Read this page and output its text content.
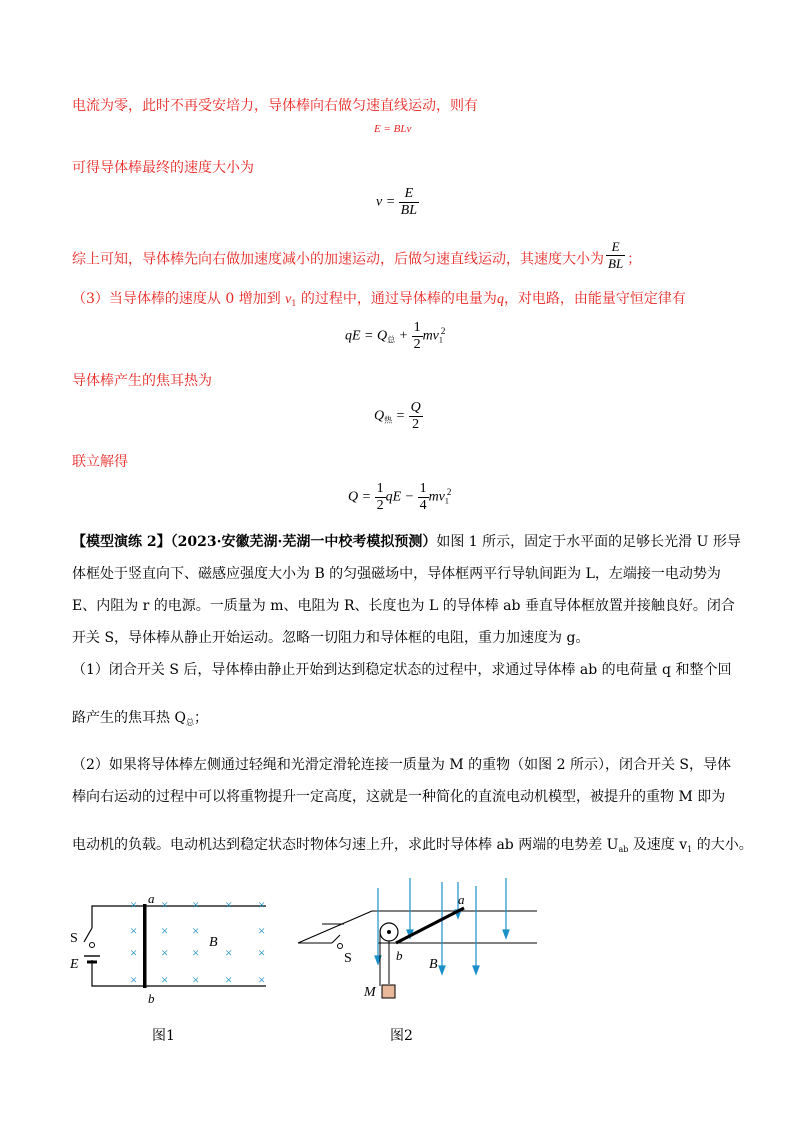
电流为零，此时不再受安培力，导体棒向右做匀速直线运动，则有
E = BLv
可得导体棒最终的速度大小为
$v = \frac{E}{BL}$
综上可知，导体棒先向右做加速度减小的加速运动，后做匀速直线运动，其速度大小为 $\frac{E}{BL}$ ；
（3）当导体棒的速度从 0 增加到 $v_1$ 的过程中，通过导体棒的电量为q，对电路，由能量守恒定律有
qE = $Q_总 + \frac{1}{2} mv_1^2$
导体棒产生的焦耳热为
$Q_热 = \frac{Q}{2}$
联立解得
$Q = \frac{1}{2}$ qE − $\frac{1}{4} mv_1^2$
【模型演练 2】（2023·安徽芜湖·芜湖一中校考模拟预测）如图 1 所示，固定于水平面的足够长光滑 U 形导
体框处于竖直向下、磁感应强度大小为 B 的匀强磁场中，导体框两平行导轨间距为 L，左端接一电动势为
E、内阻为 r 的电源。一质量为 m、电阻为 R、长度也为 L 的导体棒 ab 垂直导体框放置并接触良好。闭合
开关 S，导体棒从静止开始运动。忽略一切阻力和导体框的电阻，重力加速度为 g。
（1）闭合开关 S 后，导体棒由静止开始到达到稳定状态的过程中，求通过导体棒 ab 的电荷量 q 和整个回
路产生的焦耳热 $Q_总$；
（2）如果将导体棒左侧通过轻绳和光滑定滑轮连接一质量为 M 的重物（如图 2 所示），闭合开关 S，导体
棒向右运动的过程中可以将重物提升一定高度，这就是一种简化的直流电动机模型，被提升的重物 M 即为
电动机的负载。电动机达到稳定状态时物体匀速上升，求此时导体棒 ab 两端的电势差 $U_{ab}$ 及速度 $v_1$ 的大小。
× × × × ×
× × ×	×
× × × × ×
× × × × ×
a
b
B
S
E
图1
a
b
B
S
M
图2
